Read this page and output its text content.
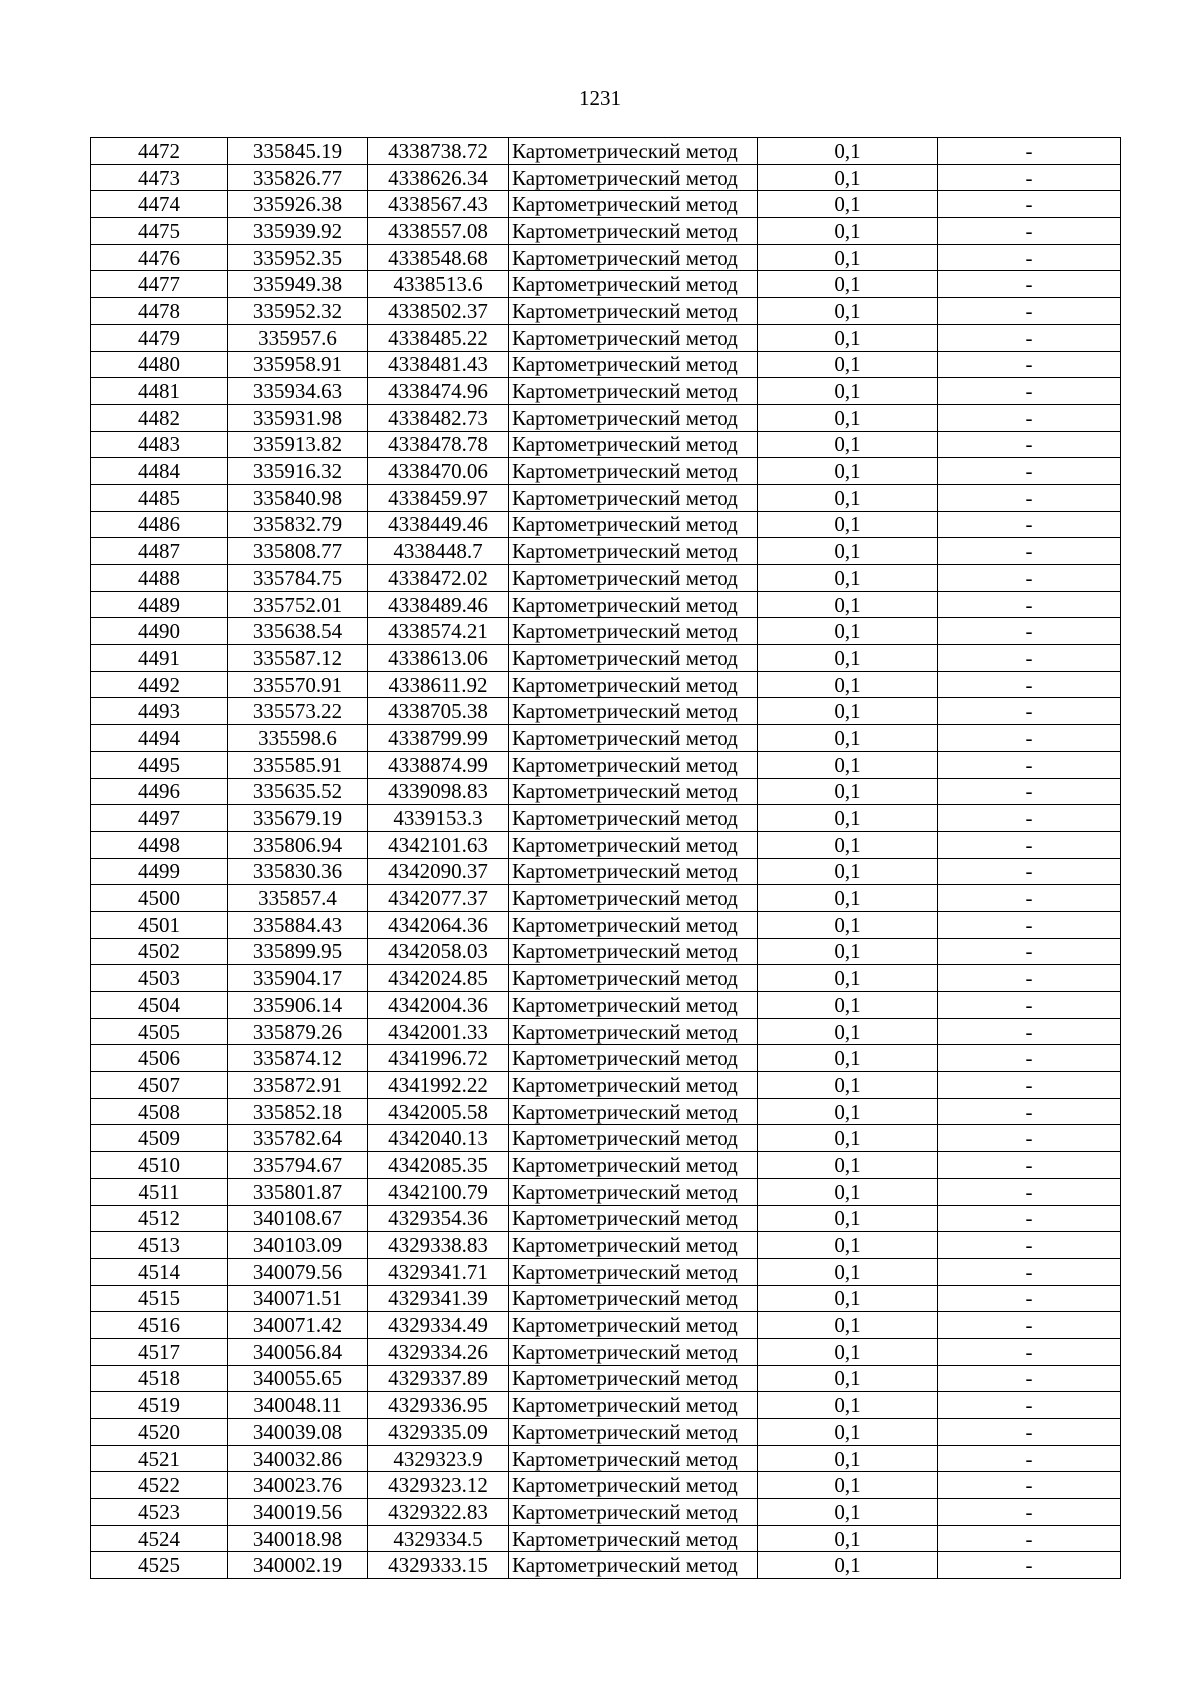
1231
4472	335845.19	4338738.72	Картометрический метод	0,1	-
4473	335826.77	4338626.34	Картометрический метод	0,1	-
4474	335926.38	4338567.43	Картометрический метод	0,1	-
4475	335939.92	4338557.08	Картометрический метод	0,1	-
4476	335952.35	4338548.68	Картометрический метод	0,1	-
4477	335949.38	4338513.6	Картометрический метод	0,1	-
4478	335952.32	4338502.37	Картометрический метод	0,1	-
4479	335957.6	4338485.22	Картометрический метод	0,1	-
4480	335958.91	4338481.43	Картометрический метод	0,1	-
4481	335934.63	4338474.96	Картометрический метод	0,1	-
4482	335931.98	4338482.73	Картометрический метод	0,1	-
4483	335913.82	4338478.78	Картометрический метод	0,1	-
4484	335916.32	4338470.06	Картометрический метод	0,1	-
4485	335840.98	4338459.97	Картометрический метод	0,1	-
4486	335832.79	4338449.46	Картометрический метод	0,1	-
4487	335808.77	4338448.7	Картометрический метод	0,1	-
4488	335784.75	4338472.02	Картометрический метод	0,1	-
4489	335752.01	4338489.46	Картометрический метод	0,1	-
4490	335638.54	4338574.21	Картометрический метод	0,1	-
4491	335587.12	4338613.06	Картометрический метод	0,1	-
4492	335570.91	4338611.92	Картометрический метод	0,1	-
4493	335573.22	4338705.38	Картометрический метод	0,1	-
4494	335598.6	4338799.99	Картометрический метод	0,1	-
4495	335585.91	4338874.99	Картометрический метод	0,1	-
4496	335635.52	4339098.83	Картометрический метод	0,1	-
4497	335679.19	4339153.3	Картометрический метод	0,1	-
4498	335806.94	4342101.63	Картометрический метод	0,1	-
4499	335830.36	4342090.37	Картометрический метод	0,1	-
4500	335857.4	4342077.37	Картометрический метод	0,1	-
4501	335884.43	4342064.36	Картометрический метод	0,1	-
4502	335899.95	4342058.03	Картометрический метод	0,1	-
4503	335904.17	4342024.85	Картометрический метод	0,1	-
4504	335906.14	4342004.36	Картометрический метод	0,1	-
4505	335879.26	4342001.33	Картометрический метод	0,1	-
4506	335874.12	4341996.72	Картометрический метод	0,1	-
4507	335872.91	4341992.22	Картометрический метод	0,1	-
4508	335852.18	4342005.58	Картометрический метод	0,1	-
4509	335782.64	4342040.13	Картометрический метод	0,1	-
4510	335794.67	4342085.35	Картометрический метод	0,1	-
4511	335801.87	4342100.79	Картометрический метод	0,1	-
4512	340108.67	4329354.36	Картометрический метод	0,1	-
4513	340103.09	4329338.83	Картометрический метод	0,1	-
4514	340079.56	4329341.71	Картометрический метод	0,1	-
4515	340071.51	4329341.39	Картометрический метод	0,1	-
4516	340071.42	4329334.49	Картометрический метод	0,1	-
4517	340056.84	4329334.26	Картометрический метод	0,1	-
4518	340055.65	4329337.89	Картометрический метод	0,1	-
4519	340048.11	4329336.95	Картометрический метод	0,1	-
4520	340039.08	4329335.09	Картометрический метод	0,1	-
4521	340032.86	4329323.9	Картометрический метод	0,1	-
4522	340023.76	4329323.12	Картометрический метод	0,1	-
4523	340019.56	4329322.83	Картометрический метод	0,1	-
4524	340018.98	4329334.5	Картометрический метод	0,1	-
4525	340002.19	4329333.15	Картометрический метод	0,1	-
